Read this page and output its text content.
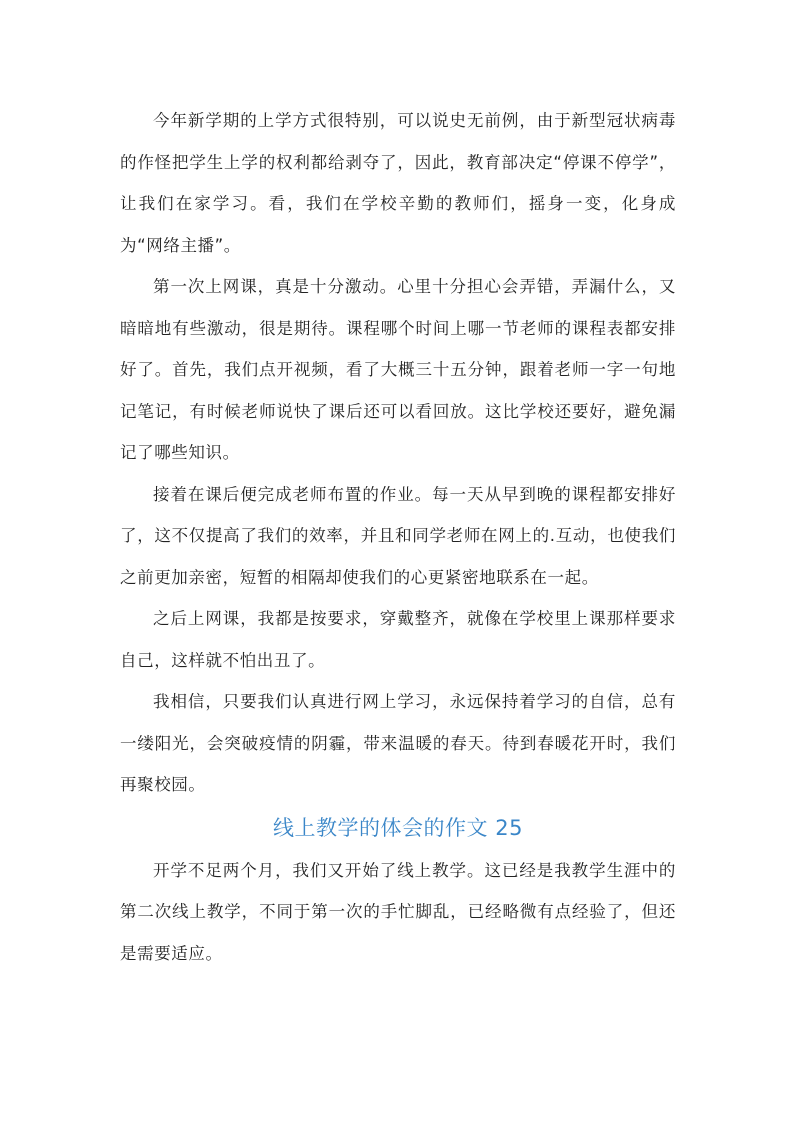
今年新学期的上学方式很特别，可以说史无前例，由于新型冠状病毒的作怪把学生上学的权利都给剥夺了，因此，教育部决定“停课不停学”，让我们在家学习。看，我们在学校辛勤的教师们，摇身一变，化身成为“网络主播”。

第一次上网课，真是十分激动。心里十分担心会弄错，弄漏什么，又暗暗地有些激动，很是期待。课程哪个时间上哪一节老师的课程表都安排好了。首先，我们点开视频，看了大概三十五分钟，跟着老师一字一句地记笔记，有时候老师说快了课后还可以看回放。这比学校还要好，避免漏记了哪些知识。

接着在课后便完成老师布置的作业。每一天从早到晚的课程都安排好了，这不仅提高了我们的效率，并且和同学老师在网上的.互动，也使我们之前更加亲密，短暂的相隔却使我们的心更紧密地联系在一起。

之后上网课，我都是按要求，穿戴整齐，就像在学校里上课那样要求自己，这样就不怕出丑了。

我相信，只要我们认真进行网上学习，永远保持着学习的自信，总有一缕阳光，会突破疫情的阴霾，带来温暖的春天。待到春暖花开时，我们再聚校园。

线上教学的体会的作文 25

开学不足两个月，我们又开始了线上教学。这已经是我教学生涯中的第二次线上教学，不同于第一次的手忙脚乱，已经略微有点经验了，但还是需要适应。
